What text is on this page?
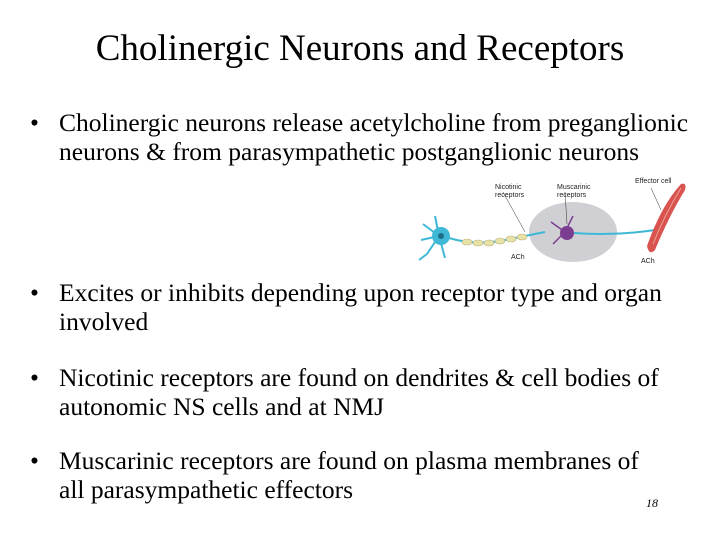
Cholinergic Neurons and Receptors
• Cholinergic neurons release acetylcholine from preganglionic neurons & from parasympathetic postganglionic neurons
Nicotinic receptors
Muscarinic receptors
Effector cell
ACh
ACh
• Excites or inhibits depending upon receptor type and organ involved
• Nicotinic receptors are found on dendrites & cell bodies of autonomic NS cells and at NMJ
• Muscarinic receptors are found on plasma membranes of all parasympathetic effectors	18
